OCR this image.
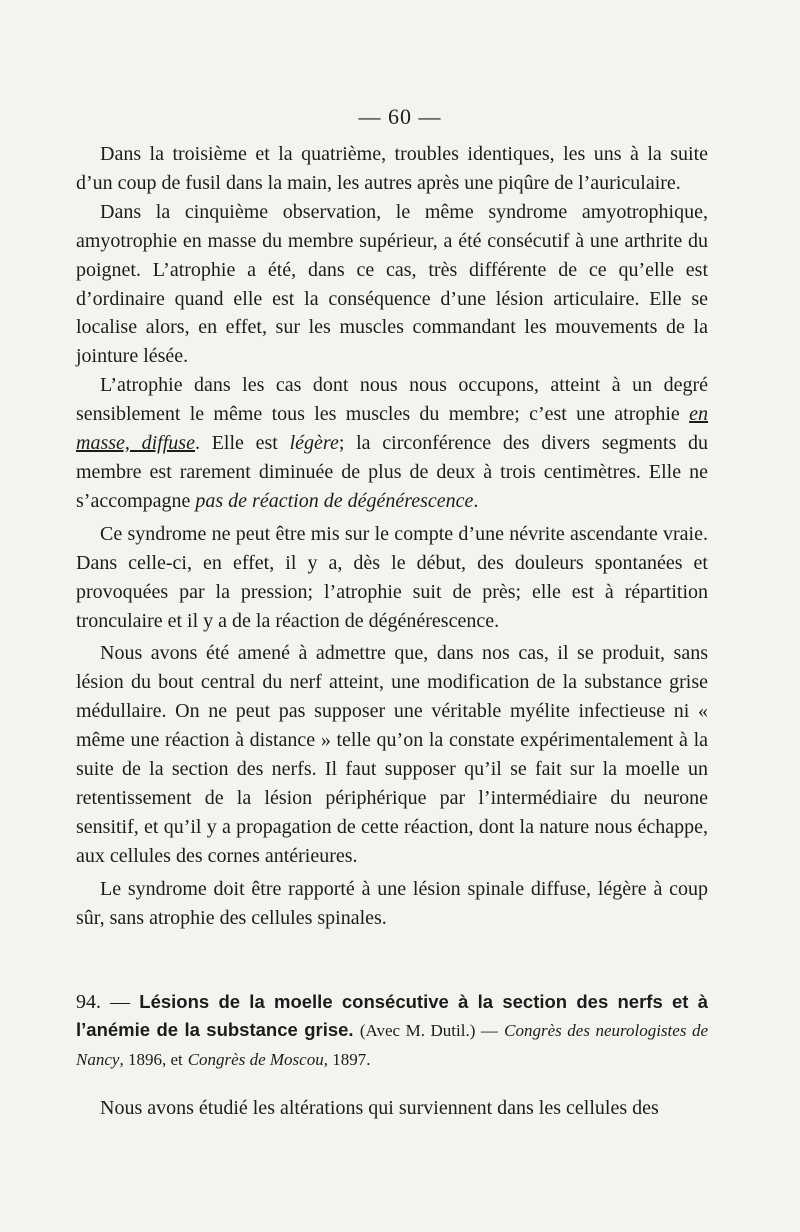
— 60 —

Dans la troisième et la quatrième, troubles identiques, les uns à la suite d’un coup de fusil dans la main, les autres après une piqûre de l’auriculaire.

Dans la cinquième observation, le même syndrome amyotrophique, amyotrophie en masse du membre supérieur, a été consécutif à une arthrite du poignet. L’atrophie a été, dans ce cas, très différente de ce qu’elle est d’ordinaire quand elle est la conséquence d’une lésion articulaire. Elle se localise alors, en effet, sur les muscles commandant les mouvements de la jointure lésée.

L’atrophie dans les cas dont nous nous occupons, atteint à un degré sensiblement le même tous les muscles du membre; c’est une atrophie en masse, diffuse. Elle est légère; la circonférence des divers segments du membre est rarement diminuée de plus de deux à trois centimètres. Elle ne s’accompagne pas de réaction de dégénérescence.

Ce syndrome ne peut être mis sur le compte d’une névrite ascendante vraie. Dans celle-ci, en effet, il y a, dès le début, des douleurs spontanées et provoquées par la pression; l’atrophie suit de près; elle est à répartition tronculaire et il y a de la réaction de dégénérescence.

Nous avons été amené à admettre que, dans nos cas, il se produit, sans lésion du bout central du nerf atteint, une modification de la substance grise médullaire. On ne peut pas supposer une véritable myélite infectieuse ni « même une réaction à distance » telle qu’on la constate expérimentalement à la suite de la section des nerfs. Il faut supposer qu’il se fait sur la moelle un retentissement de la lésion périphérique par l’intermédiaire du neurone sensitif, et qu’il y a propagation de cette réaction, dont la nature nous échappe, aux cellules des cornes antérieures.

Le syndrome doit être rapporté à une lésion spinale diffuse, légère à coup sûr, sans atrophie des cellules spinales.

94. — Lésions de la moelle consécutive à la section des nerfs et à l’anémie de la substance grise. (Avec M. Dutil.) — Congrès des neurologistes de Nancy, 1896, et Congrès de Moscou, 1897.
Nous avons étudié les altérations qui surviennent dans les cellules des
